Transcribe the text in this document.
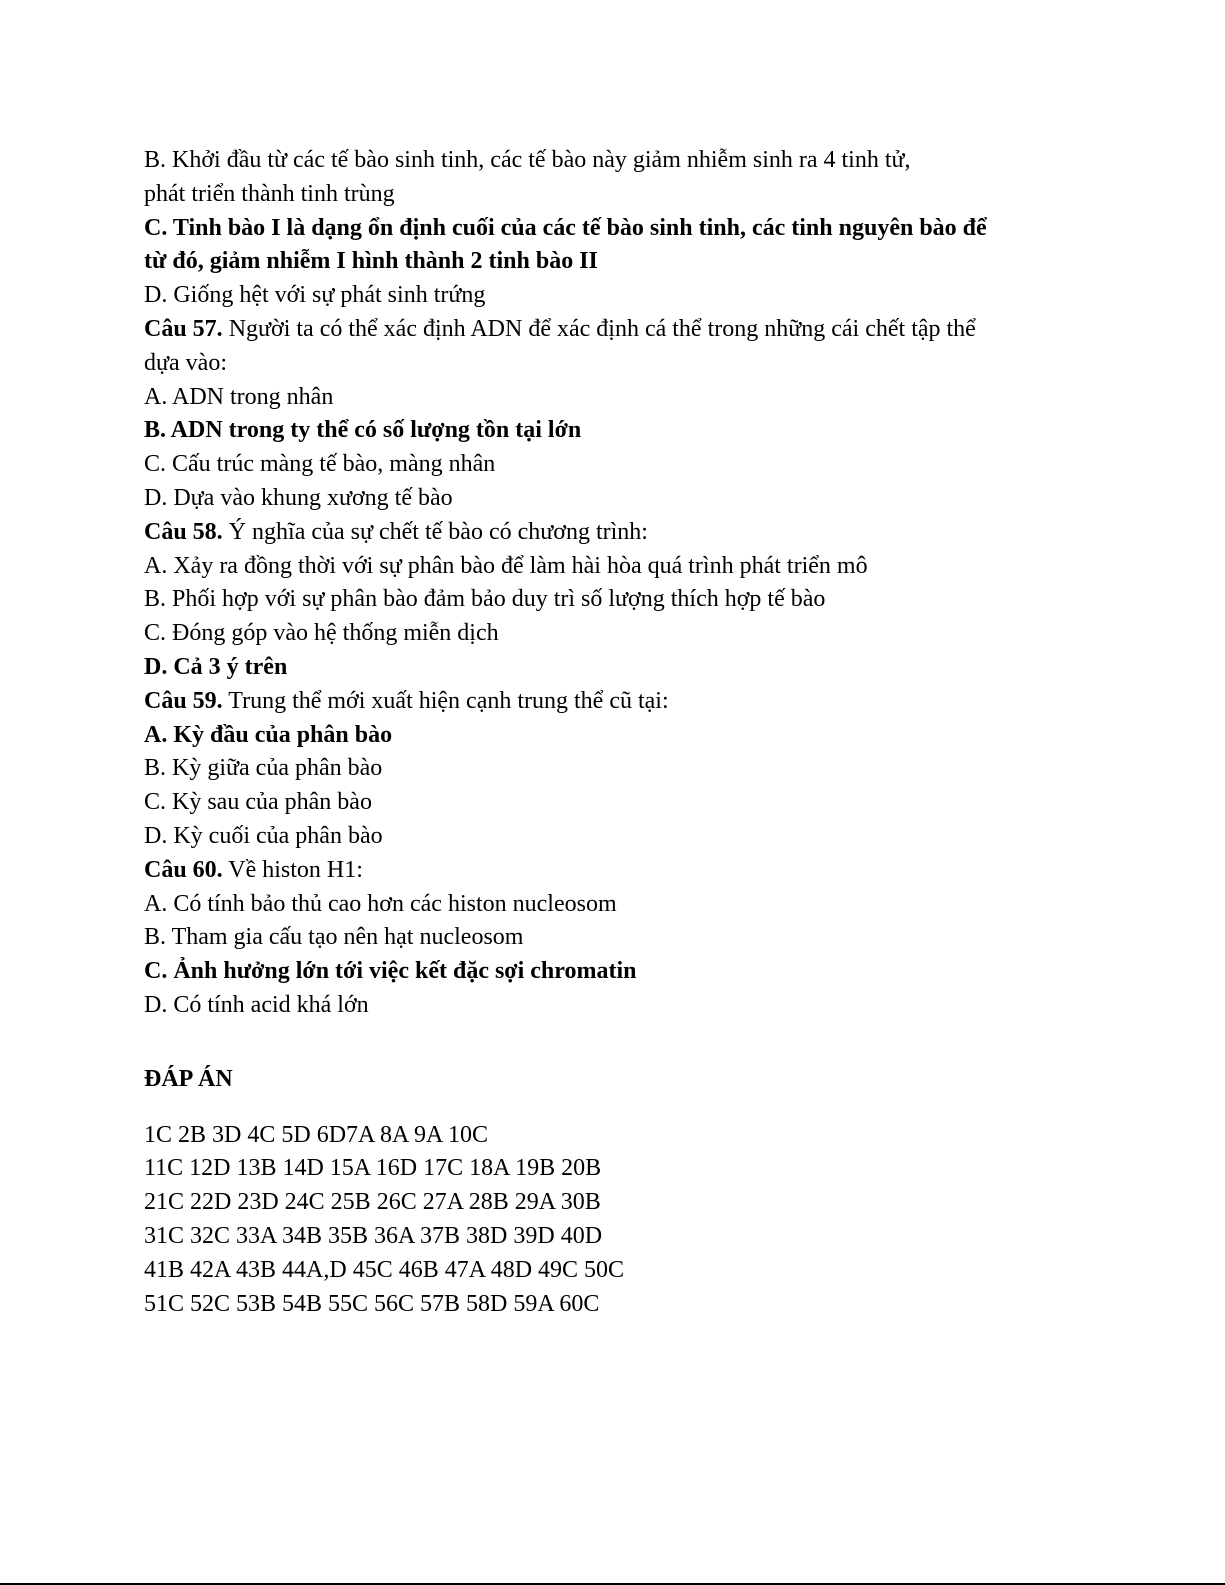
B. Khởi đầu từ các tế bào sinh tinh, các tế bào này giảm nhiễm sinh ra 4 tinh tử,
phát triển thành tinh trùng
C. Tinh bào I là dạng ổn định cuối của các tế bào sinh tinh, các tinh nguyên bào để
từ đó, giảm nhiễm I hình thành 2 tinh bào II
D. Giống hệt với sự phát sinh trứng
Câu 57. Người ta có thể xác định ADN để xác định cá thể trong những cái chết tập thể
dựa vào:
A. ADN trong nhân
B. ADN trong ty thể có số lượng tồn tại lớn
C. Cấu trúc màng tế bào, màng nhân
D. Dựa vào khung xương tế bào
Câu 58. Ý nghĩa của sự chết tế bào có chương trình:
A. Xảy ra đồng thời với sự phân bào để làm hài hòa quá trình phát triển mô
B. Phối hợp với sự phân bào đảm bảo duy trì số lượng thích hợp tế bào
C. Đóng góp vào hệ thống miễn dịch
D. Cả 3 ý trên
Câu 59. Trung thể mới xuất hiện cạnh trung thể cũ tại:
A. Kỳ đầu của phân bào
B. Kỳ giữa của phân bào
C. Kỳ sau của phân bào
D. Kỳ cuối của phân bào
Câu 60. Về histon H1:
A. Có tính bảo thủ cao hơn các histon nucleosom
B. Tham gia cấu tạo nên hạt nucleosom
C. Ảnh hưởng lớn tới việc kết đặc sợi chromatin
D. Có tính acid khá lớn
ĐÁP ÁN
1C 2B 3D 4C 5D 6D7A 8A 9A 10C
11C 12D 13B 14D 15A 16D 17C 18A 19B 20B
21C 22D 23D 24C 25B 26C 27A 28B 29A 30B
31C 32C 33A 34B 35B 36A 37B 38D 39D 40D
41B 42A 43B 44A,D 45C 46B 47A 48D 49C 50C
51C 52C 53B 54B 55C 56C 57B 58D 59A 60C
